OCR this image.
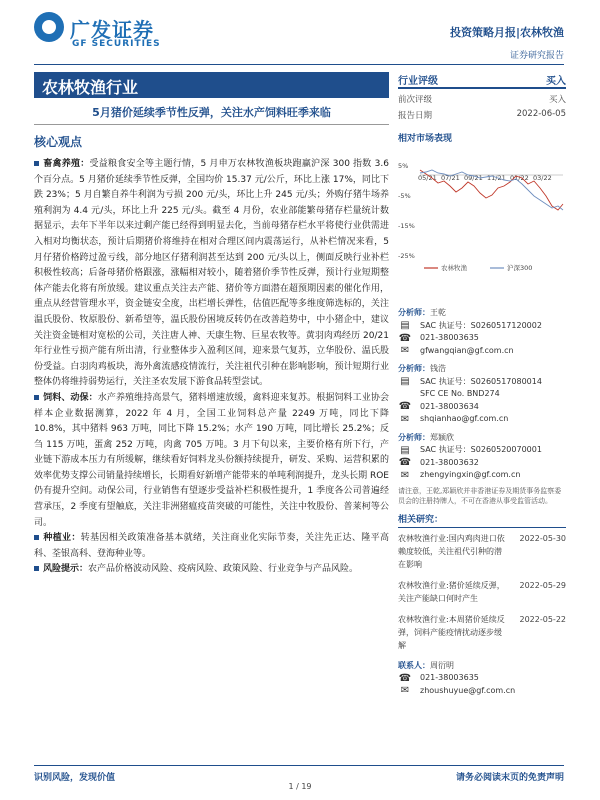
广发证券
GF SECURITIES
投资策略月报|农林牧渔
证券研究报告
农林牧渔行业
5月猪价延续季节性反弹，关注水产饲料旺季来临
核心观点

畜禽养殖：受益粮食安全等主题行情，5 月申万农林牧渔板块跑赢沪深 300 指数 3.6 个百分点。5 月猪价延续季节性反弹，全国均价 15.37 元/公斤，环比上涨 17%，同比下跌 23%；5 月自繁自养牛利润为亏损 200 元/头，环比上升 245 元/头；外购仔猪牛场养殖利润为 4.4 元/头，环比上升 225 元/头。截至 4 月份，农业部能繁母猪存栏量统计数据显示，去年下半年以来过剩产能已经得到明显去化，当前母猪存栏水平将使行业供需进入相对均衡状态，预计后期猪价将维持在相对合理区间内震荡运行，从补栏情况来看，5 月仔猪价格跨过盈亏线，部分地区仔猪利润甚至达到 200 元/头以上，侧面反映行业补栏积极性较高；后备母猪价格跟涨，涨幅相对较小，随着猪价季节性反弹，预计行业短期整体产能去化将有所放缓。建议重点关注去产能、猪价等方面潜在超预期因素的催化作用，重点从经营管理水平，资金链安全度，出栏增长弹性，估值匹配等多维度筛选标的，关注温氏股份、牧原股份、新希望等，温氏股份困境反转仍在改善趋势中，中小猪企中，建议关注资金链相对宽松的公司，关注唐人神、天康生物、巨星农牧等。黄羽肉鸡经历 20/21 年行业性亏损产能有所出清，行业整体步入盈利区间，迎来景气复苏，立华股份、温氏股份受益。白羽肉鸡板块，海外禽流感疫情流行，关注祖代引种在影响影响，预计短期行业整体仍将维持弱势运行，关注圣农发展下游食品转型尝试。

饲料、动保：水产养殖维持高景气，猪料增速放缓，禽料迎来复苏。根据饲料工业协会样本企业数据测算，2022 年 4 月，全国工业饲料总产量 2249 万吨，同比下降 10.8%，其中猪料 963 万吨，同比下降 15.2%；水产 190 万吨，同比增长 25.2%；反刍 115 万吨，蛋禽 252 万吨，肉禽 705 万吨。3 月下旬以来，主要价格有所下行，产业链下游成本压力有所缓解，继续看好饲料龙头份额持续提升，研发、采购、运营积累的效率优势支撑公司销量持续增长，长期看好新增产能带来的单吨利润提升，龙头长期 ROE 仍有提升空间。动保公司，行业销售有望逐步受益补栏积极性提升，1 季度各公司普遍经营承压，2 季度有望触底，关注非洲猪瘟疫苗突破的可能性，关注中牧股份、普莱柯等公司。

种植业：转基因相关政策准备基本就绪，关注商业化实际节奏，关注先正达、隆平高科、荃银高科、登海种业等。

风险提示：农产品价格波动风险、疫病风险、政策风险、行业竞争与产品风险。

行业评级	买入
前次评级	买入
报告日期	2022-06-05
相对市场表现
5%
-5%
-15%
-25%
05/21 07/21 09/21 11/21 01/22 03/22
农林牧渔	沪深300
分析师： 王乾
▤ SAC 执证号：S0260517120002
☎ 021-38003635
✉	gfwangqian@gf.com.cn
分析师： 钱浩
▤ SAC 执证号：S0260517080014
SFC CE No. BND274
☎ 021-38003634
✉	shqianhao@gf.com.cn
分析师： 郑颖欣
▤ SAC 执证号：S0260520070001
☎ 021-38003632
✉	zhengyingxin@gf.com.cn
请注意，王乾,郑颖欣并非香港证券及期货事务监察委员会的注册持牌人，不可在香港从事受监管活动。
相关研究：
农林牧渔行业:国内鸡肉进口依赖度较低，关注祖代引种的潜在影响
2022-05-30
农林牧渔行业:猪价延续反弹，关注产能缺口何时产生
2022-05-29
农林牧渔行业:本周猪价延续反弹，饲料产能疫情扰动逐步缓解
2022-05-22
联系人： 周衍明
☎ 021-38003635
✉	zhoushuyue@gf.com.cn
识别风险，发现价值	请务必阅读末页的免责声明
1 / 19
